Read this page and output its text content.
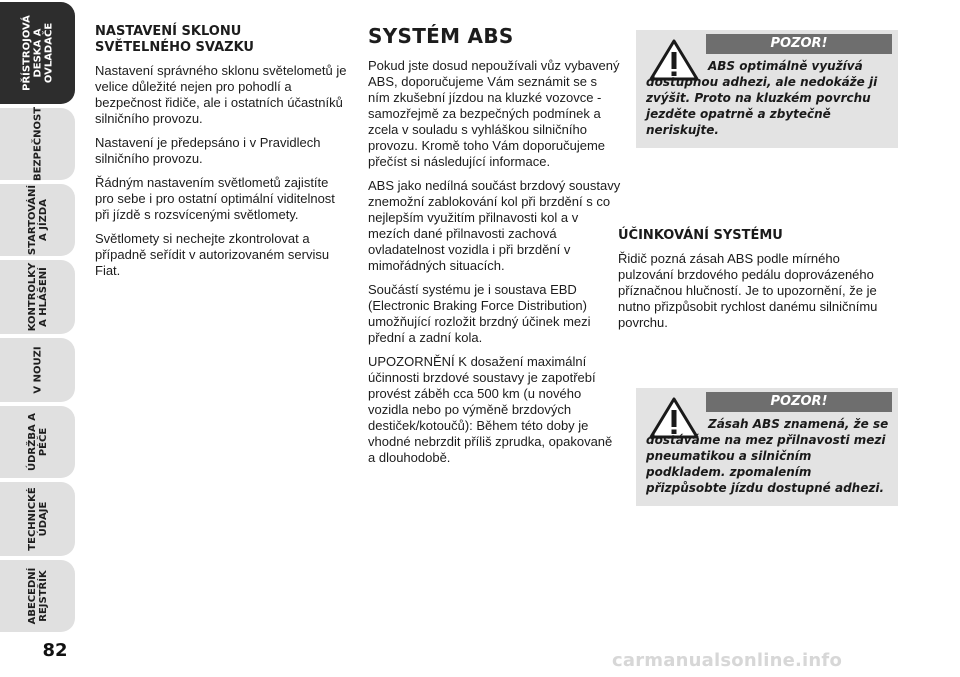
PŘÍSTROJOVÁ
DESKA A
OVLADAČE
BEZPEČNOST
STARTOVÁNÍ
A JÍZDA
KONTROLKY
A HLÁŠENÍ
V NOUZI
ÚDRŽBA A
PÉČE
TECHNICKÉ
ÚDAJE
ABECEDNÍ
REJSTŘÍK
82
NASTAVENÍ SKLONU
SVĚTELNÉHO SVAZKU

Nastavení správného sklonu světelometů je velice důležité nejen pro pohodlí a bezpečnost řidiče, ale i ostatních účastníků silničního provozu.

Nastavení je předepsáno i v Pravidlech silničního provozu.

Řádným nastavením světlometů zajistíte pro sebe i pro ostatní optimální viditelnost při jízdě s rozsvícenými světlomety.

Světlomety si nechejte zkontrolovat a případně seřídit v autorizovaném servisu Fiat.

SYSTÉM ABS

Pokud jste dosud nepoužívali vůz vybavený ABS, doporučujeme Vám seznámit se s ním zkušební jízdou na kluzké vozovce - samozřejmě za bezpečných podmínek a zcela v souladu s vyhláškou silničního provozu. Kromě toho Vám doporučujeme přečíst si následující informace.

ABS jako nedílná součást brzdový soustavy znemožní zablokování kol při brzdění s co nejlepším využitím přilnavosti kol a v mezích dané přilnavosti zachová ovladatelnost vozidla i při brzdění v mimořádných situacích.

Součástí systému je i soustava EBD (Electronic Braking Force Distribution) umožňující rozložit brzdný účinek mezi přední a zadní kola.

UPOZORNĚNÍ K dosažení maximální účinnosti brzdové soustavy je zapotřebí provést záběh cca 500 km (u nového vozidla nebo po výměně brzdových destiček/kotoučů): Během této doby je vhodné nebrzdit příliš zprudka, opakovaně a dlouhodobě.

POZOR!
ABS optimálně využívá dostupnou adhezi, ale nedokáže ji zvýšit. Proto na kluzkém povrchu jezděte opatrně a zbytečně neriskujte.
ÚČINKOVÁNÍ SYSTÉMU

Řidič pozná zásah ABS podle mírného pulzování brzdového pedálu doprovázeného příznačnou hlučností. Je to upozornění, že je nutno přizpůsobit rychlost danému silničnímu povrchu.

POZOR!
Zásah ABS znamená, že se dostáváme na mez přilnavosti mezi pneumatikou a silničním podkladem. zpomalením přizpůsobte jízdu dostupné adhezi.
carmanualsonline.info
